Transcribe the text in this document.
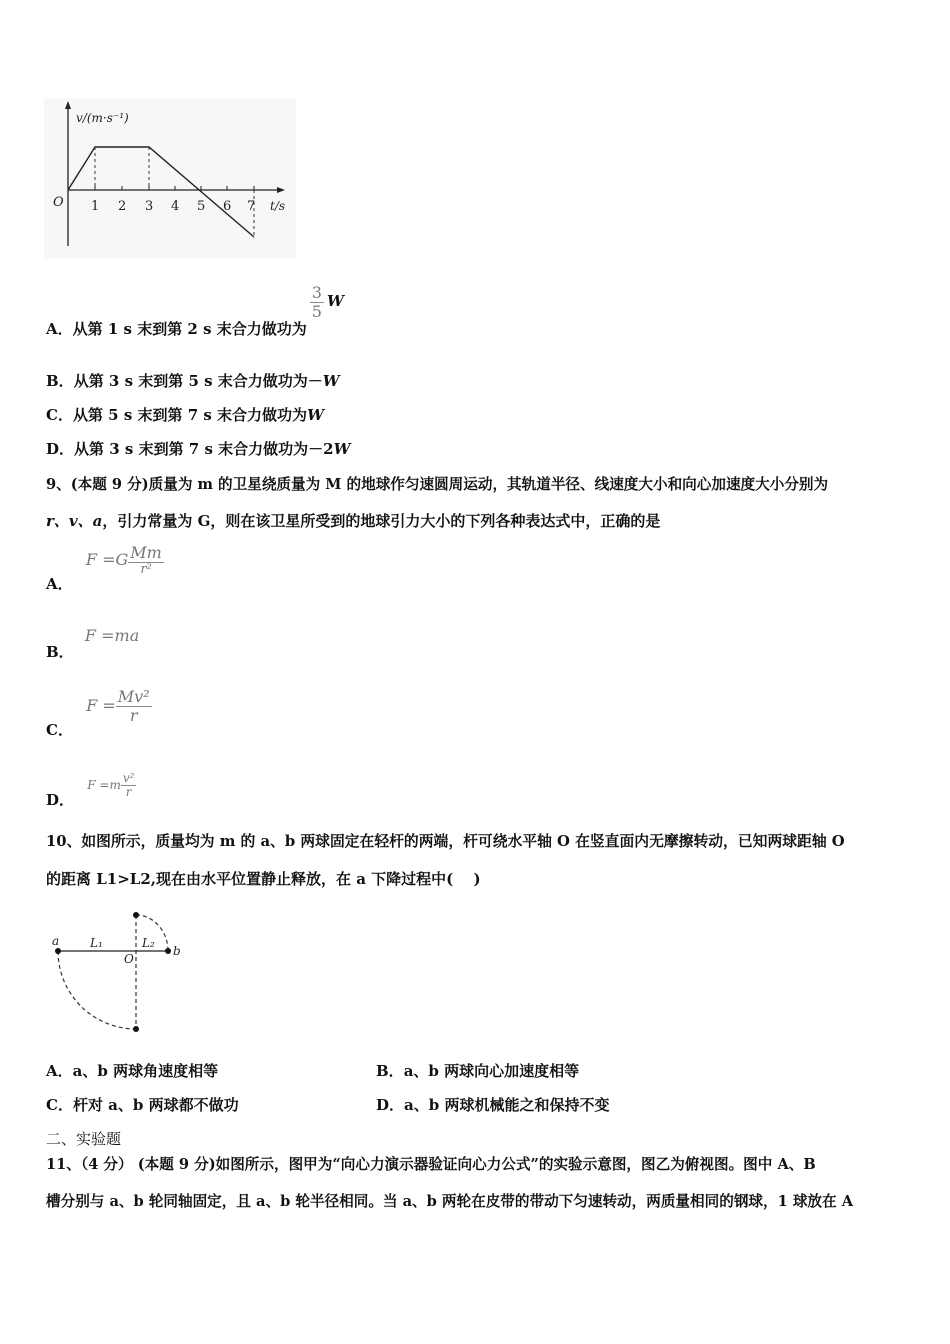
v/(m·s⁻¹)
O 1 2 3 4 5 6 7 t/s
A．从第 1 s 末到第 2 s 末合力做功为
$\frac{3}{5}$ W
B．从第 3 s 末到第 5 s 末合力做功为－W
C．从第 5 s 末到第 7 s 末合力做功为W
D．从第 3 s 末到第 7 s 末合力做功为－2W
9、(本题 9 分)质量为 m 的卫星绕质量为 M 的地球作匀速圆周运动，其轨道半径、线速度大小和向心加速度大小分别为
r、v、a，引力常量为 G，则在该卫星所受到的地球引力大小的下列各种表达式中，正确的是
A． $F =G \frac{Mm}{\text{r²}}$
B． F =ma
C． $F = \frac{\text{Mv²}}{r}$
D． $F =m \frac{\text{v²}}{r}$
10、如图所示，质量均为 m 的 a、b 两球固定在轻杆的两端，杆可绕水平轴 O 在竖直面内无摩擦转动，已知两球距轴 O
的距离 L1>L2,现在由水平位置静止释放，在 a 下降过程中(　 )
a
b
O
L₁	L₂
A．a、b 两球角速度相等	B．a、b 两球向心加速度相等
C．杆对 a、b 两球都不做功	D．a、b 两球机械能之和保持不变
二、实验题
11、（4 分） (本题 9 分)如图所示，图甲为“向心力演示器验证向心力公式”的实验示意图，图乙为俯视图。图中 A、B
槽分别与 a、b 轮同轴固定，且 a、b 轮半径相同。当 a、b 两轮在皮带的带动下匀速转动，两质量相同的钢球，1 球放在 A
